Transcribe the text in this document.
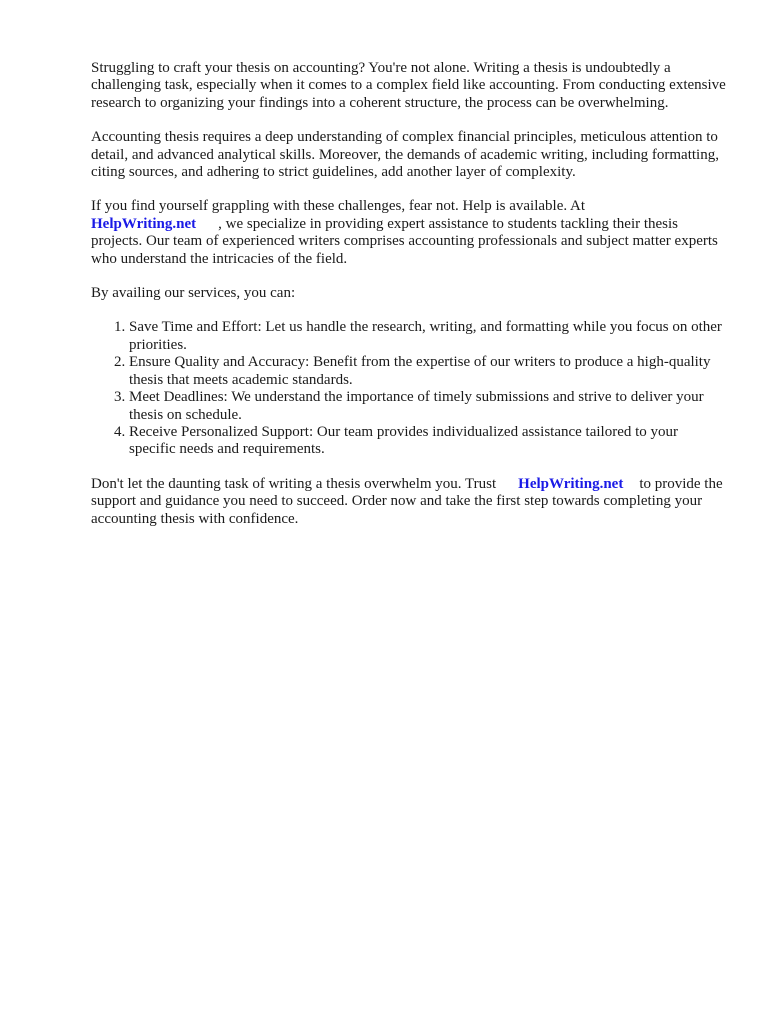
Struggling to craft your thesis on accounting? You're not alone. Writing a thesis is undoubtedly a challenging task, especially when it comes to a complex field like accounting. From conducting extensive research to organizing your findings into a coherent structure, the process can be overwhelming.

Accounting thesis requires a deep understanding of complex financial principles, meticulous attention to detail, and advanced analytical skills. Moreover, the demands of academic writing, including formatting, citing sources, and adhering to strict guidelines, add another layer of complexity.

If you find yourself grappling with these challenges, fear not. Help is available. At
HelpWriting.net , we specialize in providing expert assistance to students tackling their thesis projects. Our team of experienced writers comprises accounting professionals and subject matter experts who understand the intricacies of the field.

By availing our services, you can:

1. Save Time and Effort: Let us handle the research, writing, and formatting while you focus on other priorities.
2. Ensure Quality and Accuracy: Benefit from the expertise of our writers to produce a high-quality thesis that meets academic standards.
3. Meet Deadlines: We understand the importance of timely submissions and strive to deliver your thesis on schedule.
4. Receive Personalized Support: Our team provides individualized assistance tailored to your specific needs and requirements.

Don't let the daunting task of writing a thesis overwhelm you. Trust HelpWriting.net to provide the support and guidance you need to succeed. Order now and take the first step towards completing your accounting thesis with confidence.
